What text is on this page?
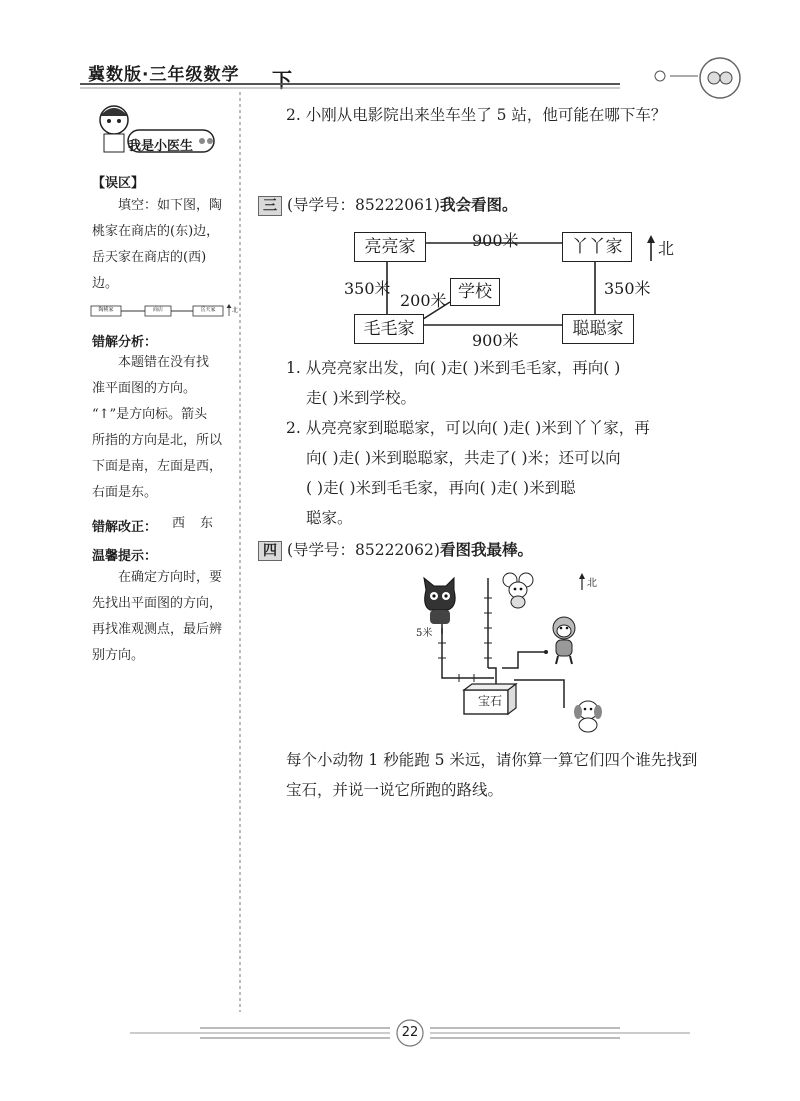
冀数版·三年级数学 下
我是小医生
【误区】
填空：如下图，陶
桃家在商店的(东)边，
岳天家在商店的(西)
边。
陶桃家	商店	岳天家	北
错解分析：
本题错在没有找
准平面图的方向。
“↑”是方向标。箭头
所指的方向是北，所以
下面是南，左面是西，
右面是东。
错解改正： 西 东
温馨提示：
在确定方向时，要
先找出平面图的方向，
再找准观测点，最后辨
别方向。
2. 小刚从电影院出来坐车坐了 5 站，他可能在哪下车？
三 (导学号：85222061)我会看图。
亮亮家	丫丫家
毛毛家	聪聪家
学校
900米
900米
350米	350米
200米
北
1. 从亮亮家出发，向( )走( )米到毛毛家，再向( )
走( )米到学校。
2. 从亮亮家到聪聪家，可以向( )走( )米到丫丫家，再
向( )走( )米到聪聪家，共走了( )米；还可以向
( )走( )米到毛毛家，再向( )走( )米到聪
聪家。
四 (导学号：85222062)看图我最棒。
5米
宝石
北
每个小动物 1 秒能跑 5 米远，请你算一算它们四个谁先找到
宝石，并说一说它所跑的路线。
22
